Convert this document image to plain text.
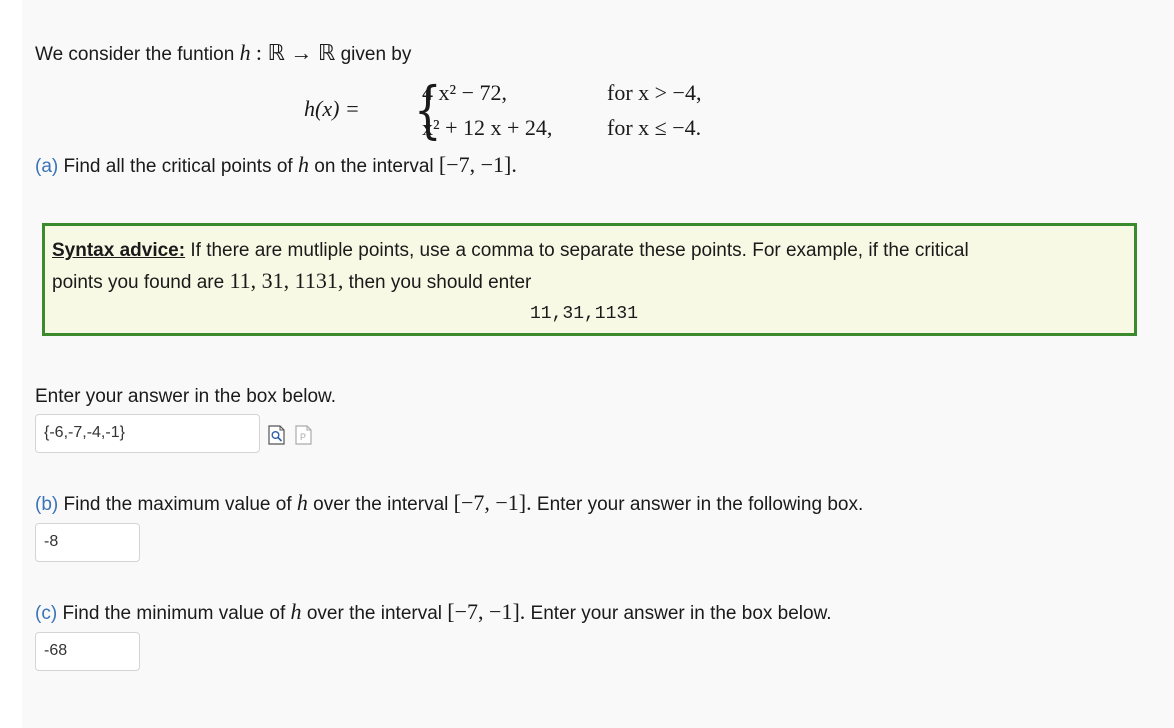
We consider the funtion h : ℝ → ℝ given by
h(x) = {
4 x² − 72,	for x > −4,
x² + 12 x + 24, for x ≤ −4.
(a) Find all the critical points of h on the interval [−7, −1].
Syntax advice: If there are mutliple points, use a comma to separate these points. For example, if the critical
points you found are 11, 31, 1131, then you should enter
11,31,1131
Enter your answer in the box below.
{-6,-7,-4,-1}	P
(b) Find the maximum value of h over the interval [−7, −1]. Enter your answer in the following box.
-8
(c) Find the minimum value of h over the interval [−7, −1]. Enter your answer in the box below.
-68
